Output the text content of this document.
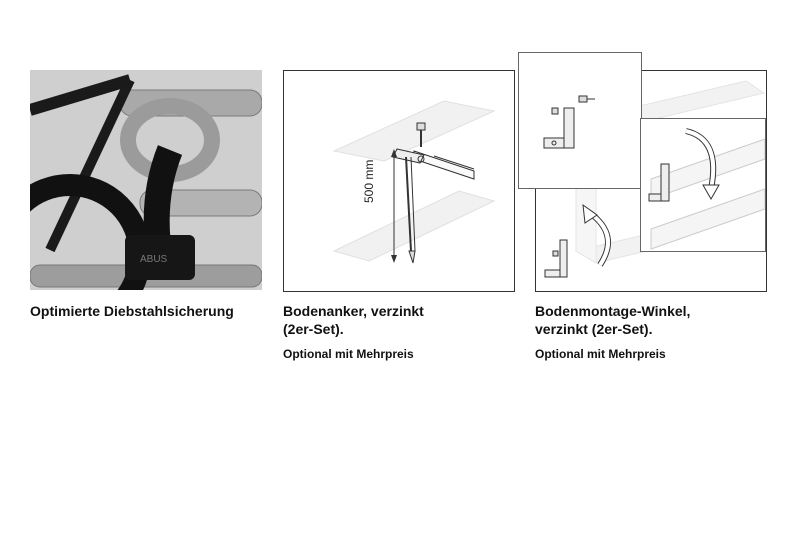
ABUS
Optimierte Diebstahlsicherung
500 mm
Bodenanker, verzinkt
(2er-Set).
Optional mit Mehrpreis
Bodenmontage-Winkel,
verzinkt (2er-Set).
Optional mit Mehrpreis
